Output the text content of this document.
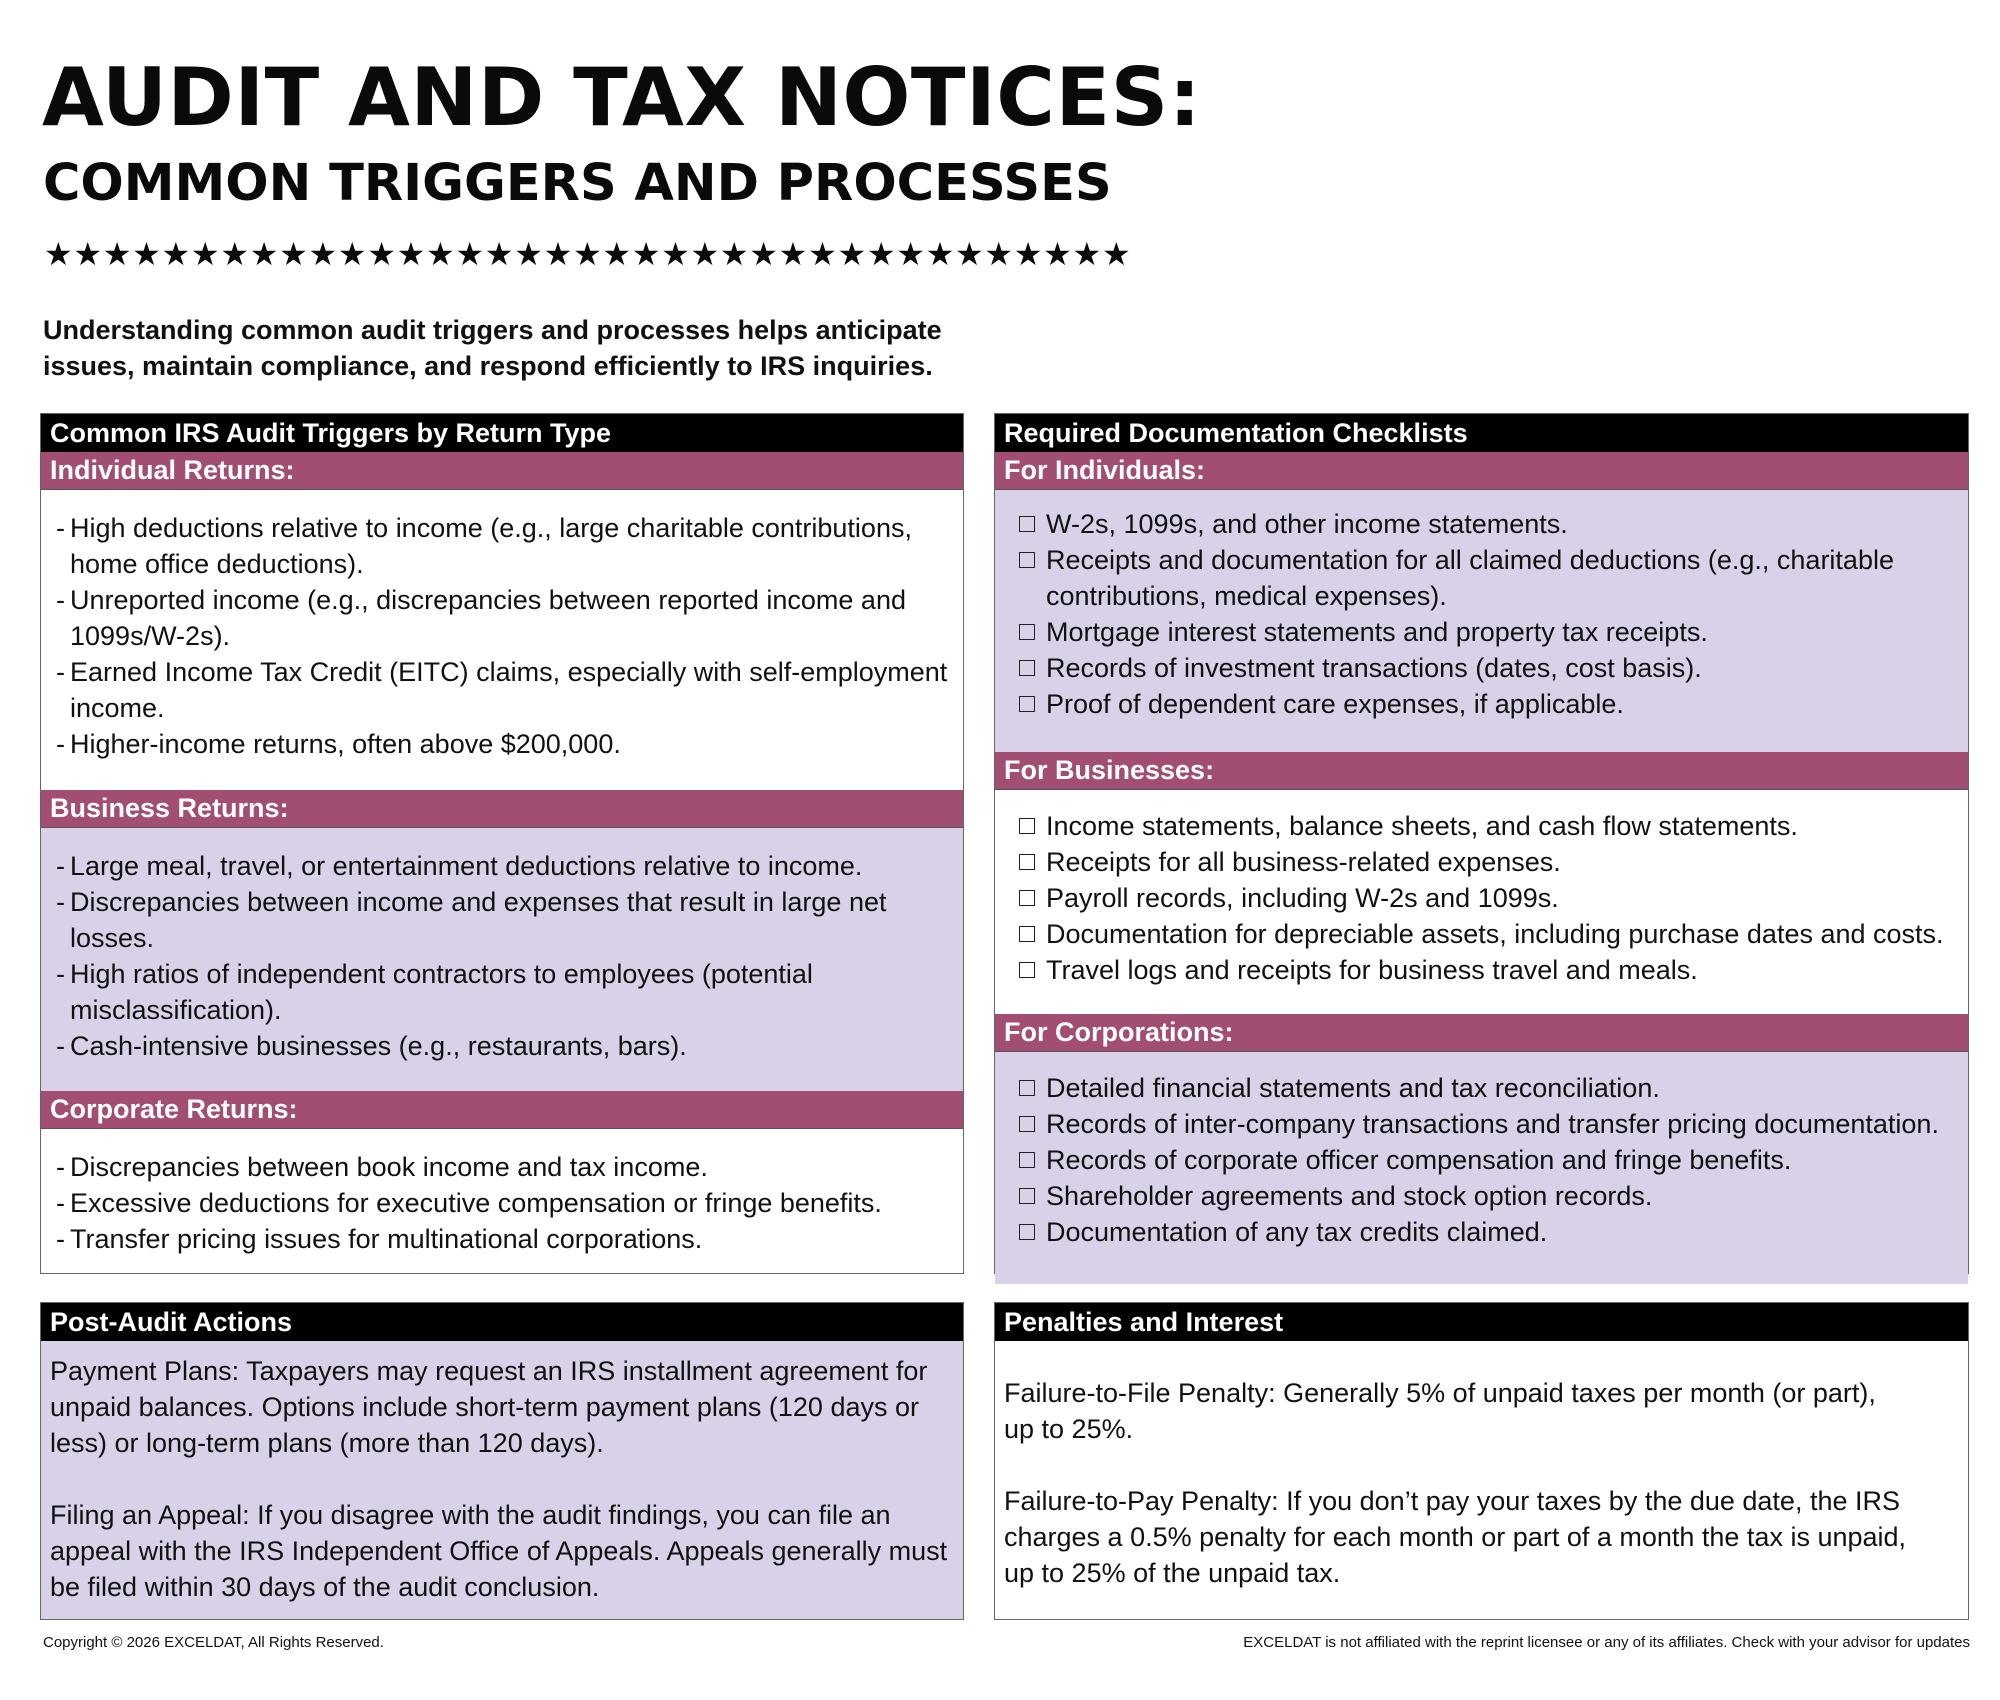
AUDIT AND TAX NOTICES:
COMMON TRIGGERS AND PROCESSES
★★★★★★★★★★★★★★★★★★★★★★★★★★★★★★★★★★★★★
Understanding common audit triggers and processes helps anticipate issues, maintain compliance, and respond efficiently to IRS inquiries.
Common IRS Audit Triggers by Return Type
Individual Returns:
- High deductions relative to income (e.g., large charitable contributions, home office deductions).
- Unreported income (e.g., discrepancies between reported income and 1099s/W-2s).
- Earned Income Tax Credit (EITC) claims, especially with self-employment income.
- Higher-income returns, often above $200,000.
Business Returns:
- Large meal, travel, or entertainment deductions relative to income.
- Discrepancies between income and expenses that result in large net losses.
- High ratios of independent contractors to employees (potential misclassification).
- Cash-intensive businesses (e.g., restaurants, bars).
Corporate Returns:
- Discrepancies between book income and tax income.
- Excessive deductions for executive compensation or fringe benefits.
- Transfer pricing issues for multinational corporations.
Required Documentation Checklists
For Individuals:
W-2s, 1099s, and other income statements.
Receipts and documentation for all claimed deductions (e.g., charitable contributions, medical expenses).
Mortgage interest statements and property tax receipts.
Records of investment transactions (dates, cost basis).
Proof of dependent care expenses, if applicable.
For Businesses:
Income statements, balance sheets, and cash flow statements.
Receipts for all business-related expenses.
Payroll records, including W-2s and 1099s.
Documentation for depreciable assets, including purchase dates and costs.
Travel logs and receipts for business travel and meals.
For Corporations:
Detailed financial statements and tax reconciliation.
Records of inter-company transactions and transfer pricing documentation.
Records of corporate officer compensation and fringe benefits.
Shareholder agreements and stock option records.
Documentation of any tax credits claimed.
Post-Audit Actions

Payment Plans: Taxpayers may request an IRS installment agreement for unpaid balances. Options include short-term payment plans (120 days or less) or long-term plans (more than 120 days).

Filing an Appeal: If you disagree with the audit findings, you can file an appeal with the IRS Independent Office of Appeals. Appeals generally must be filed within 30 days of the audit conclusion.

Penalties and Interest

Failure-to-File Penalty: Generally 5% of unpaid taxes per month (or part), up to 25%.

Failure-to-Pay Penalty: If you don’t pay your taxes by the due date, the IRS charges a 0.5% penalty for each month or part of a month the tax is unpaid, up to 25% of the unpaid tax.

Copyright © 2026 EXCELDAT, All Rights Reserved.	EXCELDAT is not affiliated with the reprint licensee or any of its affiliates. Check with your advisor for updates
